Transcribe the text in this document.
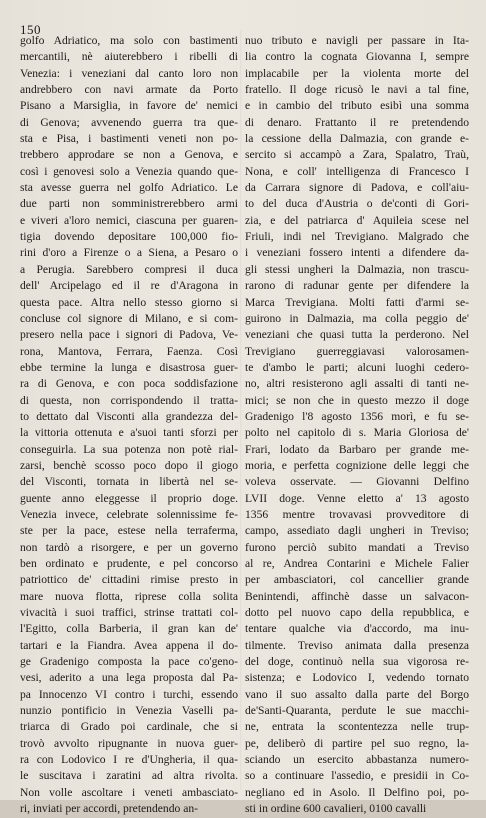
150
golfo Adriatico, ma solo con bastimenti
mercantili, nè aiuterebbero i ribelli di
Venezia: i veneziani dal canto loro non
andrebbero con navi armate da Porto
Pisano a Marsiglia, in favore de' nemici
di Genova; avvenendo guerra tra que-
sta e Pisa, i bastimenti veneti non po-
trebbero approdare se non a Genova, e
così i genovesi solo a Venezia quando que-
sta avesse guerra nel golfo Adriatico. Le
due parti non somministrerebbero armi
e viveri a'loro nemici, ciascuna per guaren-
tigia dovendo depositare 100,000 fio-
rini d'oro a Firenze o a Siena, a Pesaro o
a Perugia. Sarebbero compresi il duca
dell' Arcipelago ed il re d'Aragona in
questa pace. Altra nello stesso giorno si
concluse col signore di Milano, e si com-
presero nella pace i signori di Padova, Ve-
rona, Mantova, Ferrara, Faenza. Così
ebbe termine la lunga e disastrosa guer-
ra di Genova, e con poca soddisfazione
di questa, non corrispondendo il tratta-
to dettato dal Visconti alla grandezza del-
la vittoria ottenuta e a'suoi tanti sforzi per
conseguirla. La sua potenza non potè rial-
zarsi, benchè scosso poco dopo il giogo
del Visconti, tornata in libertà nel se-
guente anno eleggesse il proprio doge.
Venezia invece, celebrate solennissime fe-
ste per la pace, estese nella terraferma,
non tardò a risorgere, e per un governo
ben ordinato e prudente, e pel concorso
patriottico de' cittadini rimise presto in
mare nuova flotta, riprese colla solita
vivacità i suoi traffici, strinse trattati col-
l'Egitto, colla Barberia, il gran kan de'
tartari e la Fiandra. Avea appena il do-
ge Gradenigo composta la pace co'geno-
vesi, aderito a una lega proposta dal Pa-
pa Innocenzo VI contro i turchi, essendo
nunzio pontificio in Venezia Vaselli pa-
triarca di Grado poi cardinale, che si
trovò avvolto ripugnante in nuova guer-
ra con Lodovico I re d'Ungheria, il qua-
le suscitava i zaratini ad altra rivolta.
Non volle ascoltare i veneti ambasciato-
ri, inviati per accordi, pretendendo an-
nuo tributo e navigli per passare in Ita-
lia contro la cognata Giovanna I, sempre
implacabile per la violenta morte del
fratello. Il doge ricusò le navi a tal fine,
e in cambio del tributo esibì una somma
di denaro. Frattanto il re pretendendo
la cessione della Dalmazia, con grande e-
sercito si accampò a Zara, Spalatro, Traù,
Nona, e coll' intelligenza di Francesco I
da Carrara signore di Padova, e coll'aiu-
to del duca d'Austria o de'conti di Gori-
zia, e del patriarca d' Aquileia scese nel
Friuli, indi nel Trevigiano. Malgrado che
i veneziani fossero intenti a difendere da-
gli stessi ungheri la Dalmazia, non trascu-
rarono di radunar gente per difendere la
Marca Trevigiana. Molti fatti d'armi se-
guirono in Dalmazia, ma colla peggio de'
veneziani che quasi tutta la perderono. Nel
Trevigiano guerreggiavasi valorosamen-
te d'ambo le parti; alcuni luoghi cedero-
no, altri resisterono agli assalti di tanti ne-
mici; se non che in questo mezzo il doge
Gradenigo l'8 agosto 1356 morì, e fu se-
polto nel capitolo di s. Maria Gloriosa de'
Frari, lodato da Barbaro per grande me-
moria, e perfetta cognizione delle leggi che
voleva osservate. — Giovanni Delfino
LVII doge. Venne eletto a' 13 agosto
1356 mentre trovavasi provveditore di
campo, assediato dagli ungheri in Treviso;
furono perciò subito mandati a Treviso
al re, Andrea Contarini e Michele Falier
per ambasciatori, col cancellier grande
Benintendi, affinchè dasse un salvacon-
dotto pel nuovo capo della repubblica, e
tentare qualche via d'accordo, ma inu-
tilmente. Treviso animata dalla presenza
del doge, continuò nella sua vigorosa re-
sistenza; e Lodovico I, vedendo tornato
vano il suo assalto dalla parte del Borgo
de'Santi-Quaranta, perdute le sue macchi-
ne, entrata la scontentezza nelle trup-
pe, deliberò di partire pel suo regno, la-
sciando un esercito abbastanza numero-
so a continuare l'assedio, e presidii in Co-
negliano ed in Asolo. Il Delfino poi, po-
sti in ordine 600 cavalieri, 0100 cavalli
